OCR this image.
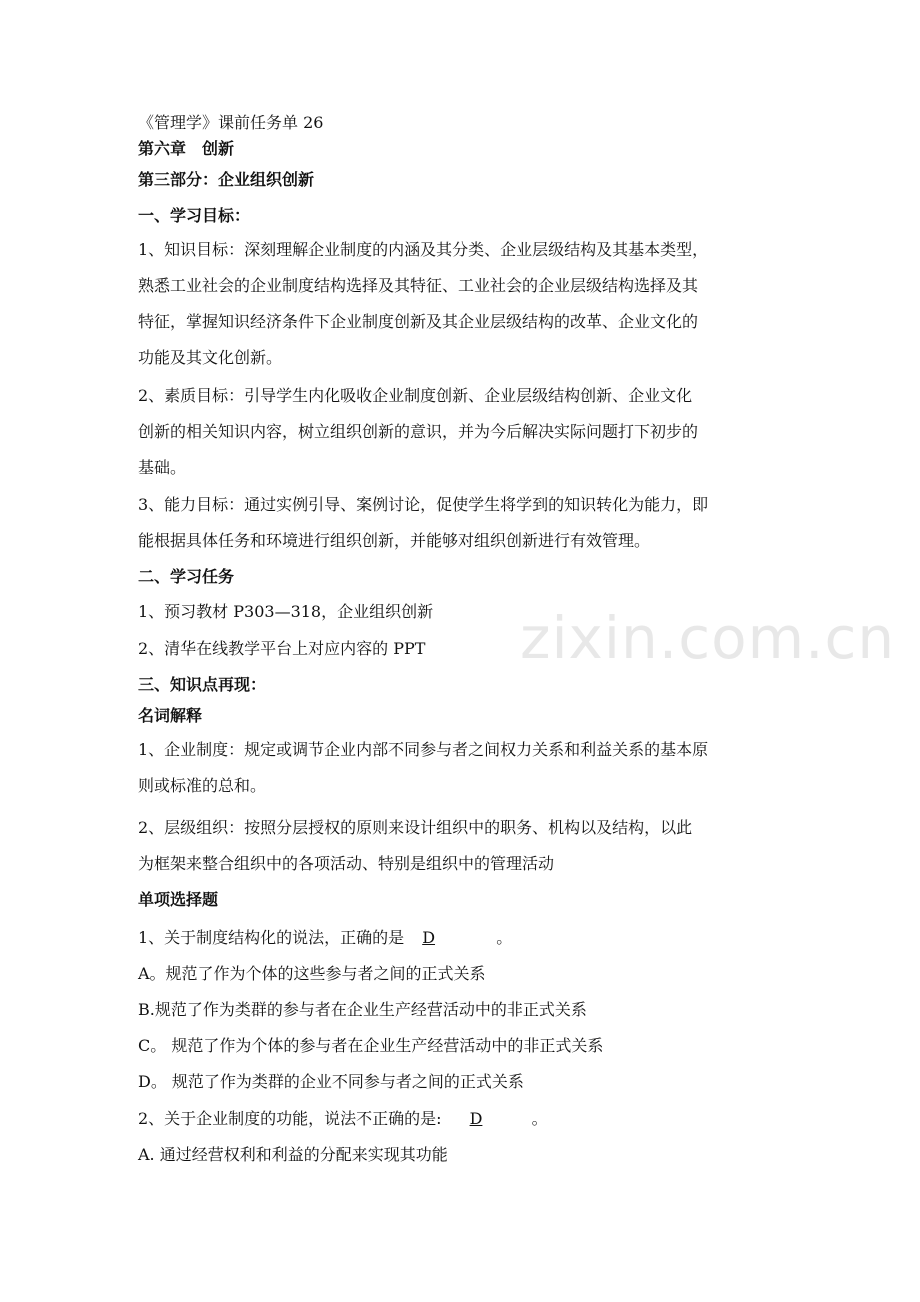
zixin.com.cn
《管理学》课前任务单 26
第六章　创新
第三部分：企业组织创新
一、学习目标：
1、知识目标：深刻理解企业制度的内涵及其分类、企业层级结构及其基本类型，
熟悉工业社会的企业制度结构选择及其特征、工业社会的企业层级结构选择及其
特征，掌握知识经济条件下企业制度创新及其企业层级结构的改革、企业文化的
功能及其文化创新。
2、素质目标：引导学生内化吸收企业制度创新、企业层级结构创新、企业文化
创新的相关知识内容，树立组织创新的意识，并为今后解决实际问题打下初步的
基础。
3、能力目标：通过实例引导、案例讨论，促使学生将学到的知识转化为能力，即
能根据具体任务和环境进行组织创新，并能够对组织创新进行有效管理。
二、学习任务
1、预习教材 P303—318，企业组织创新
2、清华在线教学平台上对应内容的 PPT
三、知识点再现：
名词解释
1、企业制度：规定或调节企业内部不同参与者之间权力关系和利益关系的基本原
则或标准的总和。
2、层级组织：按照分层授权的原则来设计组织中的职务、机构以及结构，以此
为框架来整合组织中的各项活动、特别是组织中的管理活动
单项选择题
1、关于制度结构化的说法，正确的是 D	。
A。规范了作为个体的这些参与者之间的正式关系
B.规范了作为类群的参与者在企业生产经营活动中的非正式关系
C。 规范了作为个体的参与者在企业生产经营活动中的非正式关系
D。 规范了作为类群的企业不同参与者之间的正式关系
2、关于企业制度的功能，说法不正确的是: D	。
A. 通过经营权利和利益的分配来实现其功能
